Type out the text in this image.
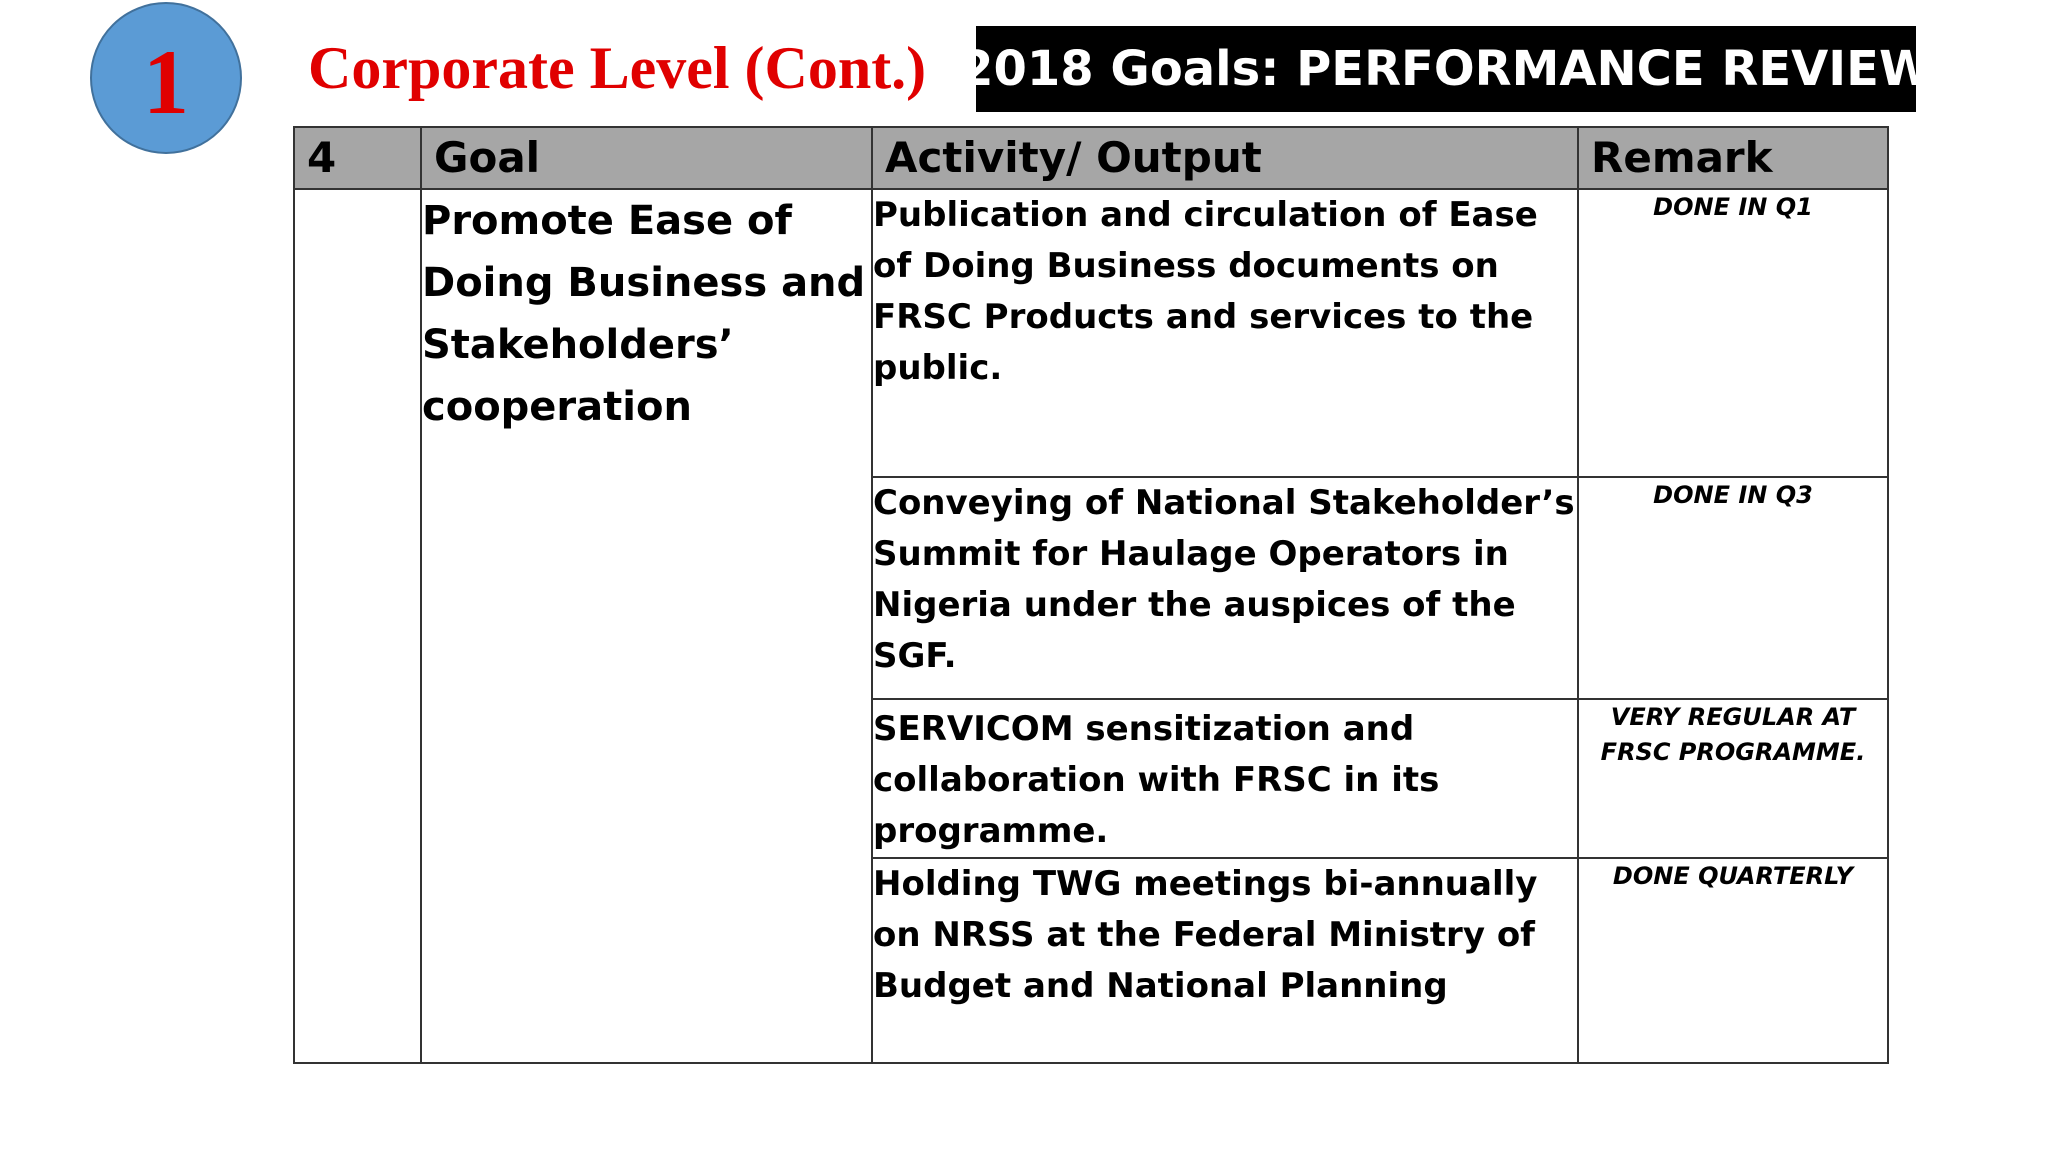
1	Corporate Level (Cont.) 2018 Goals: PERFORMANCE REVIEW
4	Goal	Activity/ Output	Remark
	Promote Ease of Doing Business and Stakeholders’ cooperation	Publication and circulation of Ease of Doing Business documents on FRSC Products and services to the public.	DONE IN Q1
		Conveying of National Stakeholder’s Summit for Haulage Operators in Nigeria under the auspices of the SGF.	DONE IN Q3
		SERVICOM sensitization and collaboration with FRSC in its programme.	VERY REGULAR AT FRSC PROGRAMME.
		Holding TWG meetings bi-annually on NRSS at the Federal Ministry of Budget and National Planning	DONE QUARTERLY
